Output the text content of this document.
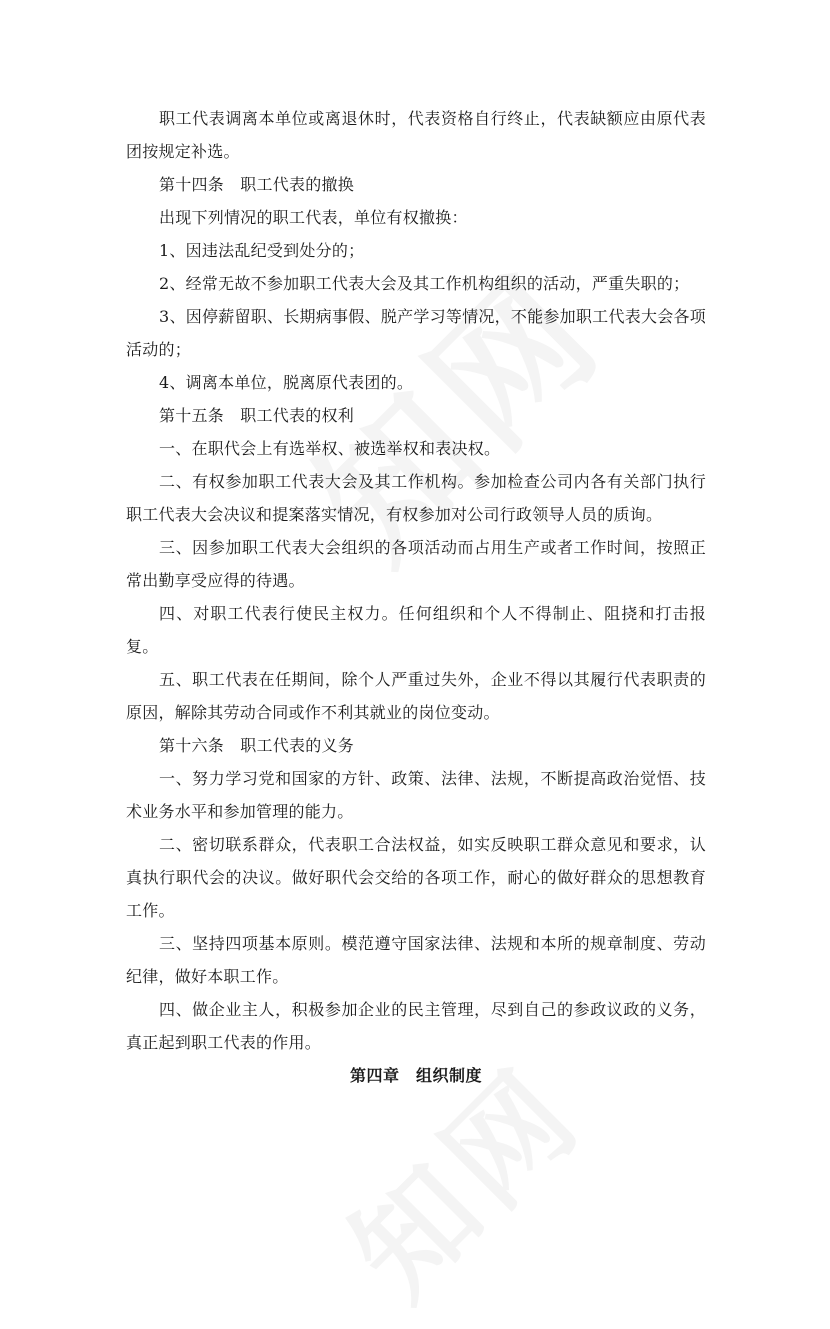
职工代表调离本单位或离退休时，代表资格自行终止，代表缺额应由原代表团按规定补选。

第十四条　职工代表的撤换

出现下列情况的职工代表，单位有权撤换：

1、因违法乱纪受到处分的；

2、经常无故不参加职工代表大会及其工作机构组织的活动，严重失职的；

3、因停薪留职、长期病事假、脱产学习等情况，不能参加职工代表大会各项活动的；

4、调离本单位，脱离原代表团的。

第十五条　职工代表的权利

一、在职代会上有选举权、被选举权和表决权。

二、有权参加职工代表大会及其工作机构。参加检查公司内各有关部门执行职工代表大会决议和提案落实情况，有权参加对公司行政领导人员的质询。

三、因参加职工代表大会组织的各项活动而占用生产或者工作时间，按照正常出勤享受应得的待遇。

四、对职工代表行使民主权力。任何组织和个人不得制止、阻挠和打击报复。

五、职工代表在任期间，除个人严重过失外，企业不得以其履行代表职责的原因，解除其劳动合同或作不利其就业的岗位变动。

第十六条　职工代表的义务

一、努力学习党和国家的方针、政策、法律、法规，不断提高政治觉悟、技术业务水平和参加管理的能力。

二、密切联系群众，代表职工合法权益，如实反映职工群众意见和要求，认真执行职代会的决议。做好职代会交给的各项工作，耐心的做好群众的思想教育工作。

三、坚持四项基本原则。模范遵守国家法律、法规和本所的规章制度、劳动纪律，做好本职工作。

四、做企业主人，积极参加企业的民主管理，尽到自己的参政议政的义务，真正起到职工代表的作用。

第四章　组织制度
